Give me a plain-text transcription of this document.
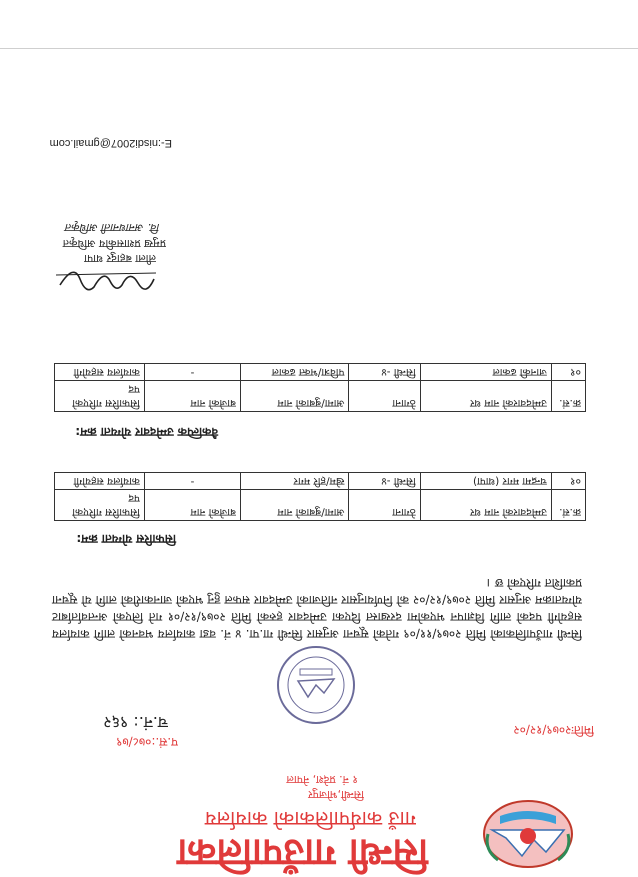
सिन्धी गाउँपालिका
गाउँ कार्यपालिकाको कार्यालय
सिन्धी,भोजपुर
१ नं. प्रदेश, नेपाल
प.सं.:०७८/७९
च.नं.: ९६२	मितिः२०७९/१२/०२

सिन्धी गाउँपालिकाको मिति २०७९/११/०९ गतेको सूचना अनुसार सिन्धी गा.पा. ४ नं. वडा कार्यालय भवनको लागि कार्यालय सहयोगी पदको लागि विज्ञापन भएकोमा दरखास्त दिएका उम्मेदवार हरुको मिति २०७९/१२/०१ गते लिएको अन्तर्वार्ताबाट योग्यताक्रम अनुसार मिति २०७९/१२/०२ को निर्णयानुसार नतिजाको उम्मेदवार सफल हुनु भएको जानकारीको लागि यो सूचना प्रकाशित गरिएको छ ।

सिफारिस योग्यता क्रम:
क्र.सं.	उम्मेदवारको नाम थर	ठेगाना	आमा/बुबाको नाम	बाजेको नाम	सिफारिस गरिएको पद
०१	चन्द्रमा मगर (थापा)	सिन्धी -४	खेम/हरि मगर	-	कार्यालय सहयोगी
वैकल्पिक उम्मेदवार योग्यता क्रम:
क्र.सं.	उम्मेदवारको नाम थर	ठेगाना	आमा/बुबाको नाम	बाजेको नाम	सिफारिस गरिएको पद
०१	जानकी ढकाल	सिन्धी -४	पवित्रा/भक्त ढकाल	-	कार्यालय सहयोगी
लीला बहादुर थापा
प्रमुख प्रशासकीय अधिकृत
वि. अनाधनाती अधिकृत
E-:nisdi2007@gmail.com
